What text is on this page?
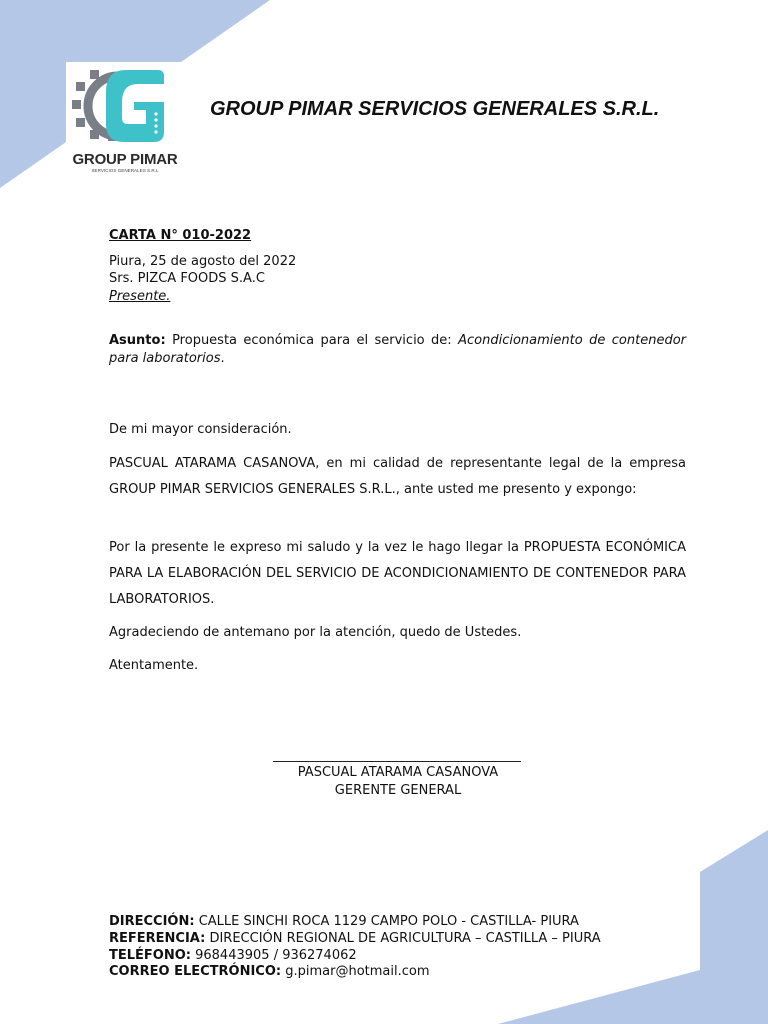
GROUP PIMAR
SERVICIOS GENERALES S.R.L
GROUP PIMAR SERVICIOS GENERALES S.R.L.
CARTA N° 010-2022
Piura, 25 de agosto del 2022
Srs. PIZCA FOODS S.A.C
Presente.
Asunto: Propuesta económica para el servicio de: Acondicionamiento de contenedor para laboratorios.
De mi mayor consideración.
PASCUAL ATARAMA CASANOVA, en mi calidad de representante legal de la empresa GROUP PIMAR SERVICIOS GENERALES S.R.L., ante usted me presento y expongo:
Por la presente le expreso mi saludo y la vez le hago llegar la PROPUESTA ECONÓMICA PARA LA ELABORACIÓN DEL SERVICIO DE ACONDICIONAMIENTO DE CONTENEDOR PARA LABORATORIOS.
Agradeciendo de antemano por la atención, quedo de Ustedes.
Atentamente.
PASCUAL ATARAMA CASANOVA
GERENTE GENERAL
DIRECCIÓN: CALLE SINCHI ROCA 1129 CAMPO POLO - CASTILLA- PIURA
REFERENCIA: DIRECCIÓN REGIONAL DE AGRICULTURA – CASTILLA – PIURA
TELÉFONO: 968443905 / 936274062
CORREO ELECTRÓNICO: g.pimar@hotmail.com
